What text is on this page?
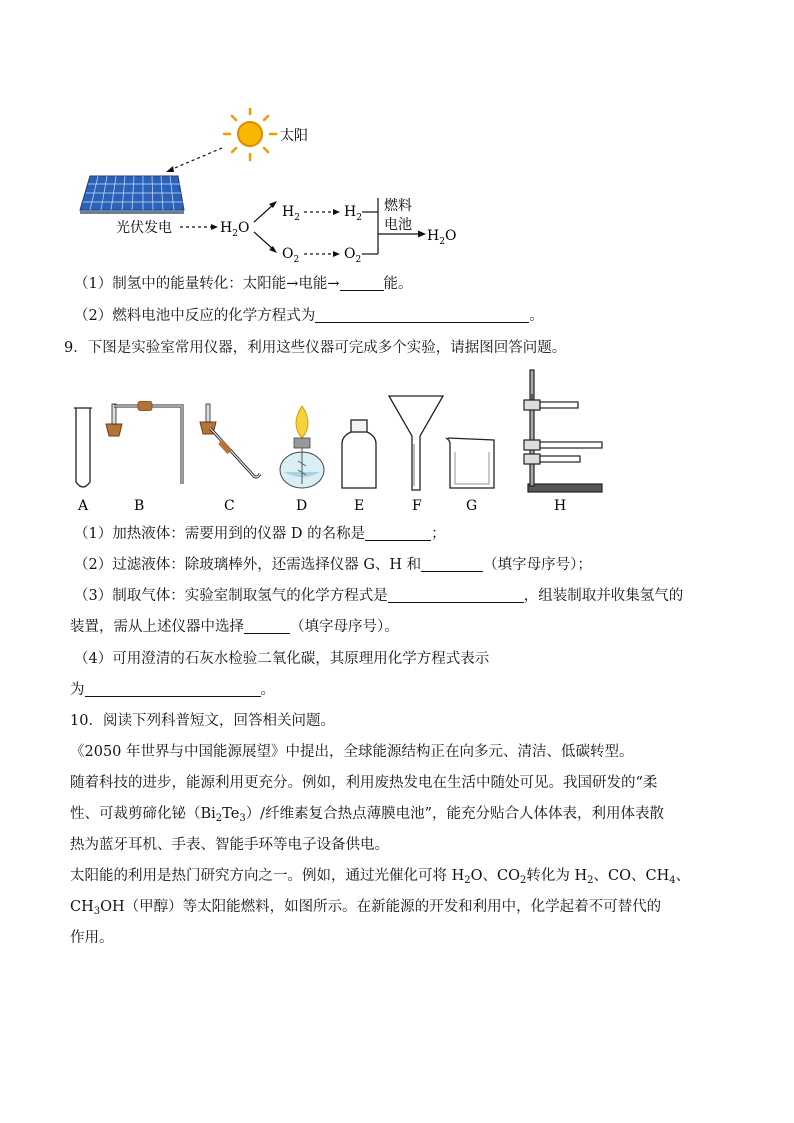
太阳
光伏发电	$H_2O$
$H_2$	$H_2$
$O_2$	$O_2$
燃料
电池
$H_2O$
（1）制氢中的能量转化：太阳能→电能→	能。
（2）燃料电池中反应的化学方程式为	。
9．下图是实验室常用仪器，利用这些仪器可完成多个实验，请据图回答问题。
A	B	C	D	E	F	G	H
（1）加热液体：需要用到的仪器 D 的名称是	；
（2）过滤液体：除玻璃棒外，还需选择仪器 G、H 和	（填字母序号）；
（3）制取气体：实验室制取氢气的化学方程式是	，组装制取并收集氢气的
装置，需从上述仪器中选择	（填字母序号）。
（4）可用澄清的石灰水检验二氧化碳，其原理用化学方程式表示
为	。
10．阅读下列科普短文，回答相关问题。
《2050 年世界与中国能源展望》中提出，全球能源结构正在向多元、清洁、低碳转型。
随着科技的进步，能源利用更充分。例如，利用废热发电在生活中随处可见。我国研发的“柔
性、可裁剪碲化铋$(Bi_2Te_3)/$纤维素复合热点薄膜电池”，能充分贴合人体体表，利用体表散
热为蓝牙耳机、手表、智能手环等电子设备供电。
太阳能的利用是热门研究方向之一。例如，通过光催化可将 $H_2O$、$CO_2$转化为 $H_2$、CO、$CH_4$、
$CH_3OH$（甲醇）等太阳能燃料，如图所示。在新能源的开发和利用中，化学起着不可替代的
作用。
